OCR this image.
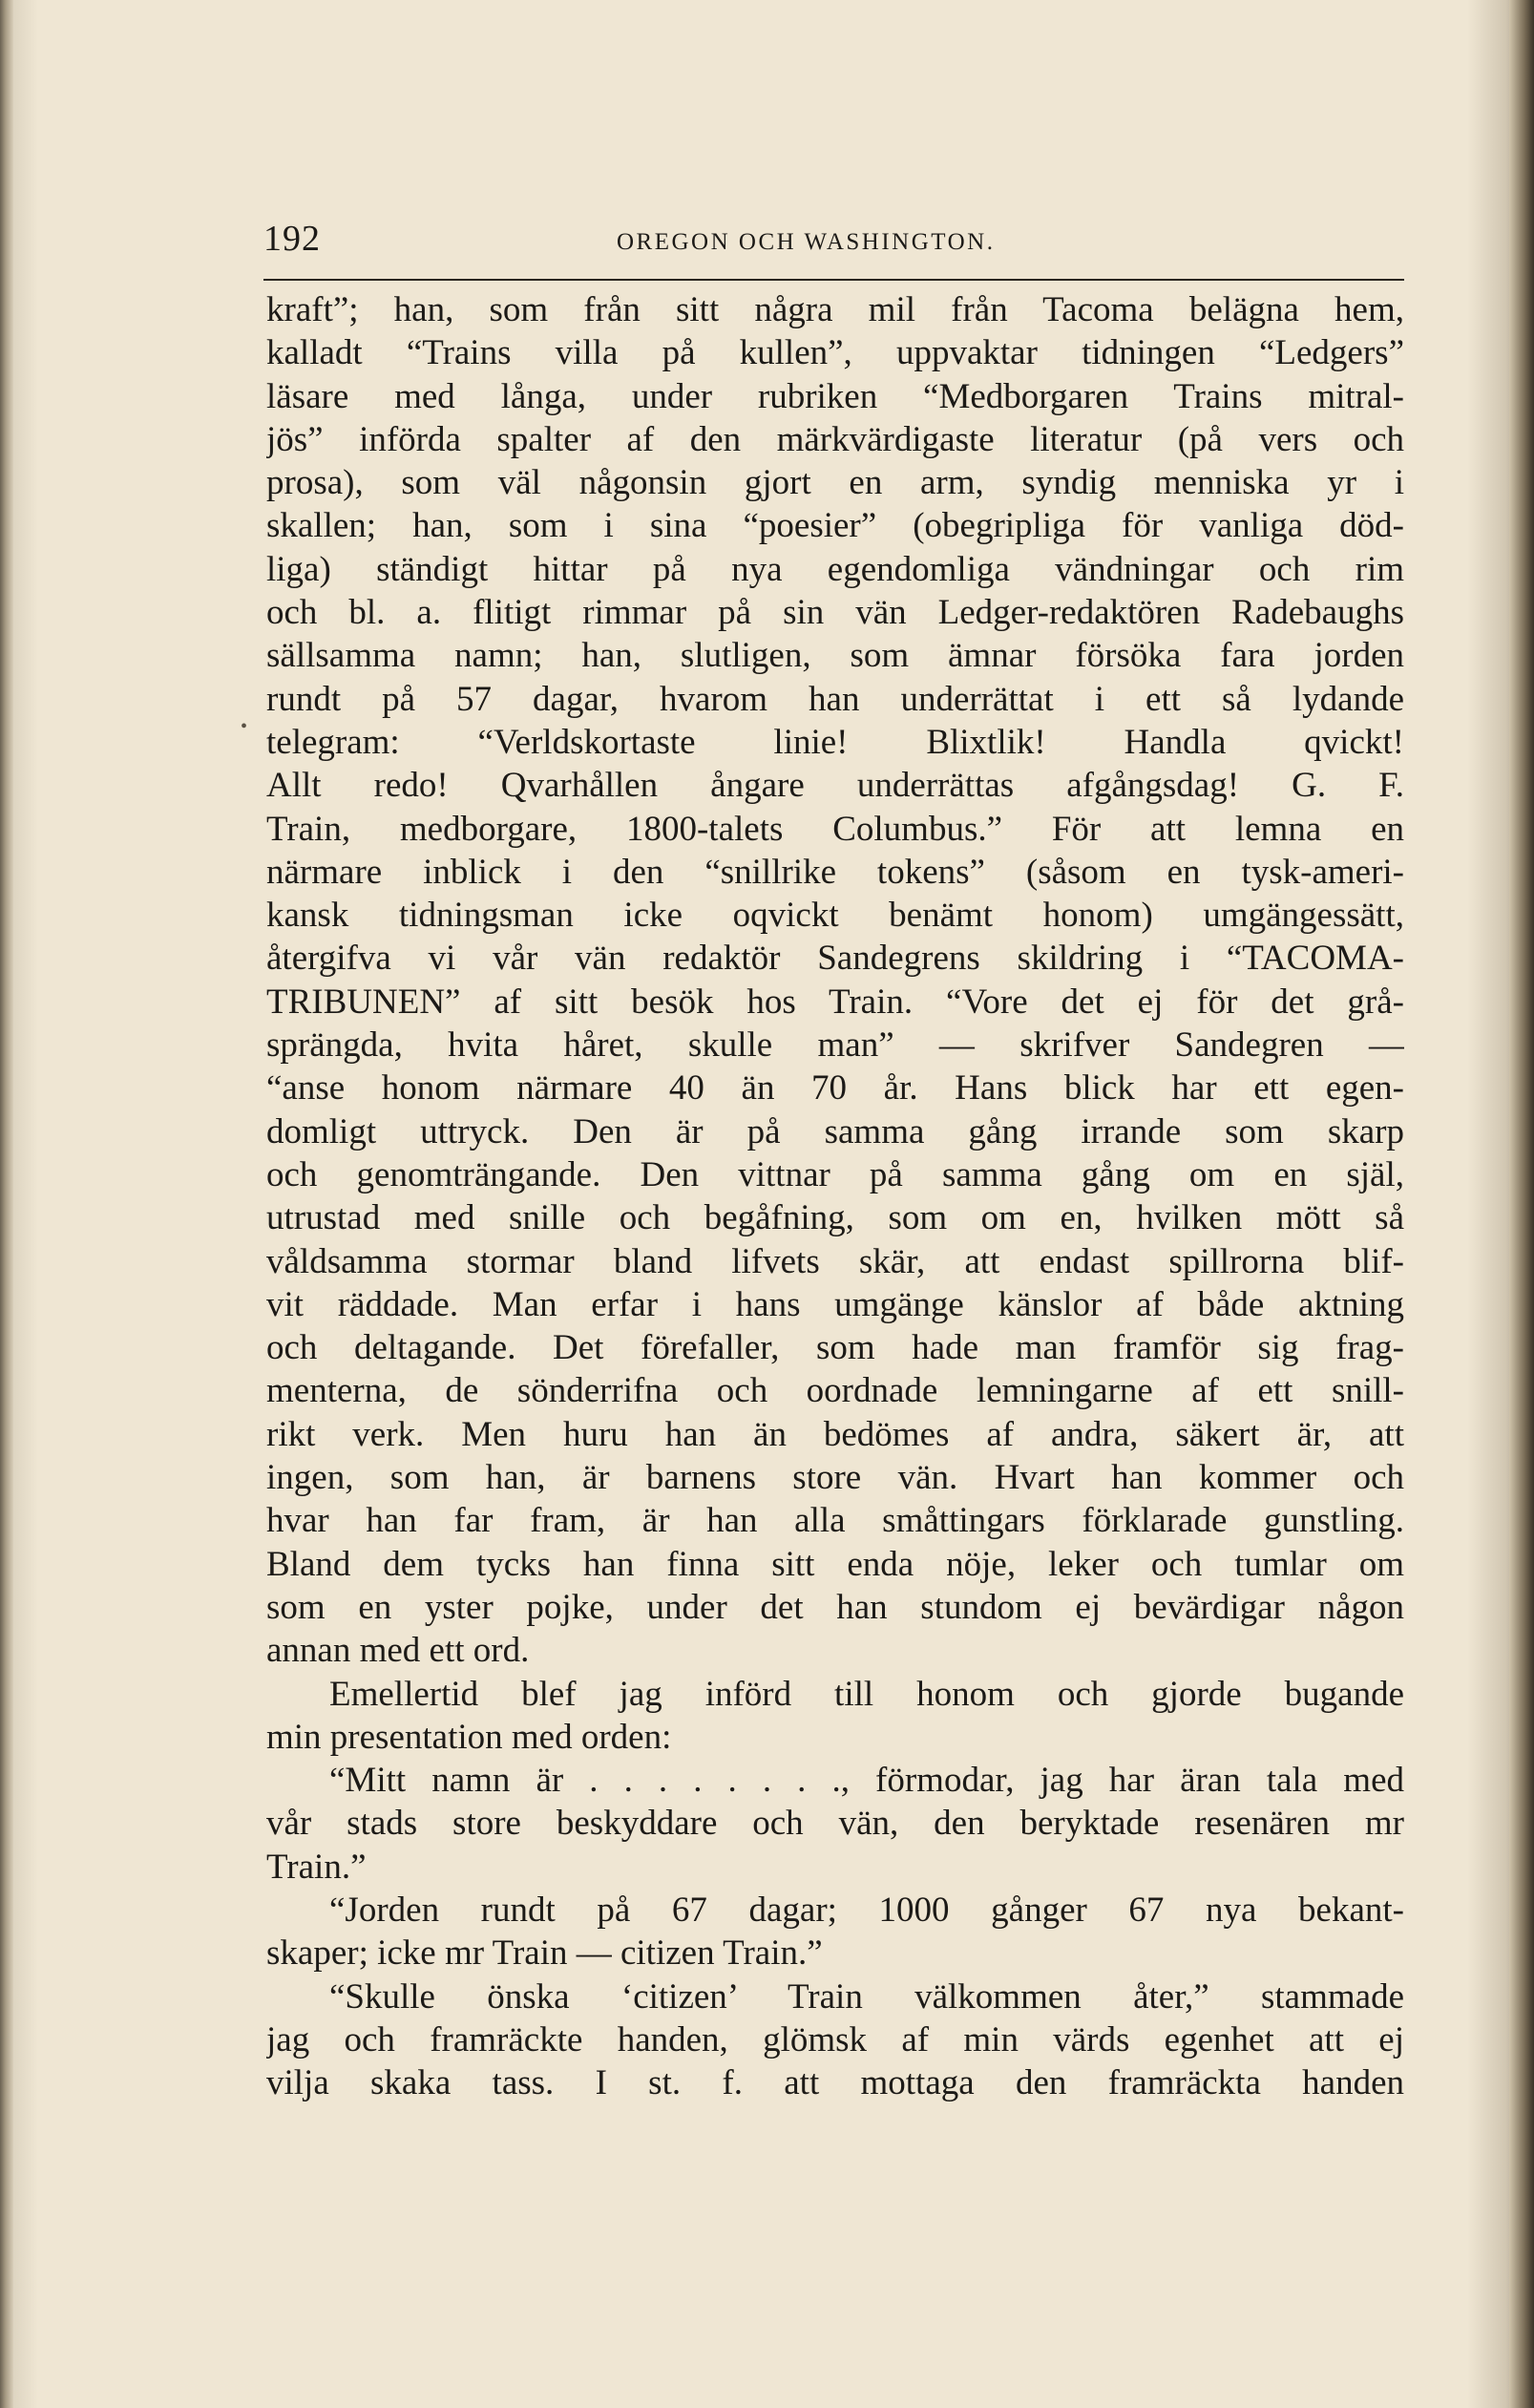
192	OREGON OCH WASHINGTON.
•
kraft”; han, som från sitt några mil från Tacoma belägna hem,
kalladt “Trains villa på kullen”, uppvaktar tidningen “Ledgers”
läsare med långa, under rubriken “Medborgaren Trains mitral-
jös” införda spalter af den märkvärdigaste literatur (på vers och
prosa), som väl någonsin gjort en arm, syndig menniska yr i
skallen; han, som i sina “poesier” (obegripliga för vanliga död-
liga) ständigt hittar på nya egendomliga vändningar och rim
och bl. a. flitigt rimmar på sin vän Ledger-redaktören Radebaughs
sällsamma namn; han, slutligen, som ämnar försöka fara jorden
rundt på 57 dagar, hvarom han underrättat i ett så lydande
telegram: “Verldskortaste linie! Blixtlik! Handla qvickt!
Allt redo! Qvarhållen ångare underrättas afgångsdag! G. F.
Train, medborgare, 1800-talets Columbus.” För att lemna en
närmare inblick i den “snillrike tokens” (såsom en tysk-ameri-
kansk tidningsman icke oqvickt benämt honom) umgängessätt,
återgifva vi vår vän redaktör Sandegrens skildring i “TACOMA-
TRIBUNEN” af sitt besök hos Train. “Vore det ej för det grå-
sprängda, hvita håret, skulle man” — skrifver Sandegren —
“anse honom närmare 40 än 70 år. Hans blick har ett egen-
domligt uttryck. Den är på samma gång irrande som skarp
och genomträngande. Den vittnar på samma gång om en själ,
utrustad med snille och begåfning, som om en, hvilken mött så
våldsamma stormar bland lifvets skär, att endast spillrorna blif-
vit räddade. Man erfar i hans umgänge känslor af både aktning
och deltagande. Det förefaller, som hade man framför sig frag-
menterna, de sönderrifna och oordnade lemningarne af ett snill-
rikt verk. Men huru han än bedömes af andra, säkert är, att
ingen, som han, är barnens store vän. Hvart han kommer och
hvar han far fram, är han alla småttingars förklarade gunstling.
Bland dem tycks han finna sitt enda nöje, leker och tumlar om
som en yster pojke, under det han stundom ej bevärdigar någon
annan med ett ord.
Emellertid blef jag införd till honom och gjorde bugande
min presentation med orden:
“Mitt namn är . . . . . . . ., förmodar, jag har äran tala med
vår stads store beskyddare och vän, den beryktade resenären mr
Train.”
“Jorden rundt på 67 dagar; 1000 gånger 67 nya bekant-
skaper; icke mr Train — citizen Train.”
“Skulle önska ‘citizen’ Train välkommen åter,” stammade
jag och framräckte handen, glömsk af min värds egenhet att ej
vilja skaka tass. I st. f. att mottaga den framräckta handen
